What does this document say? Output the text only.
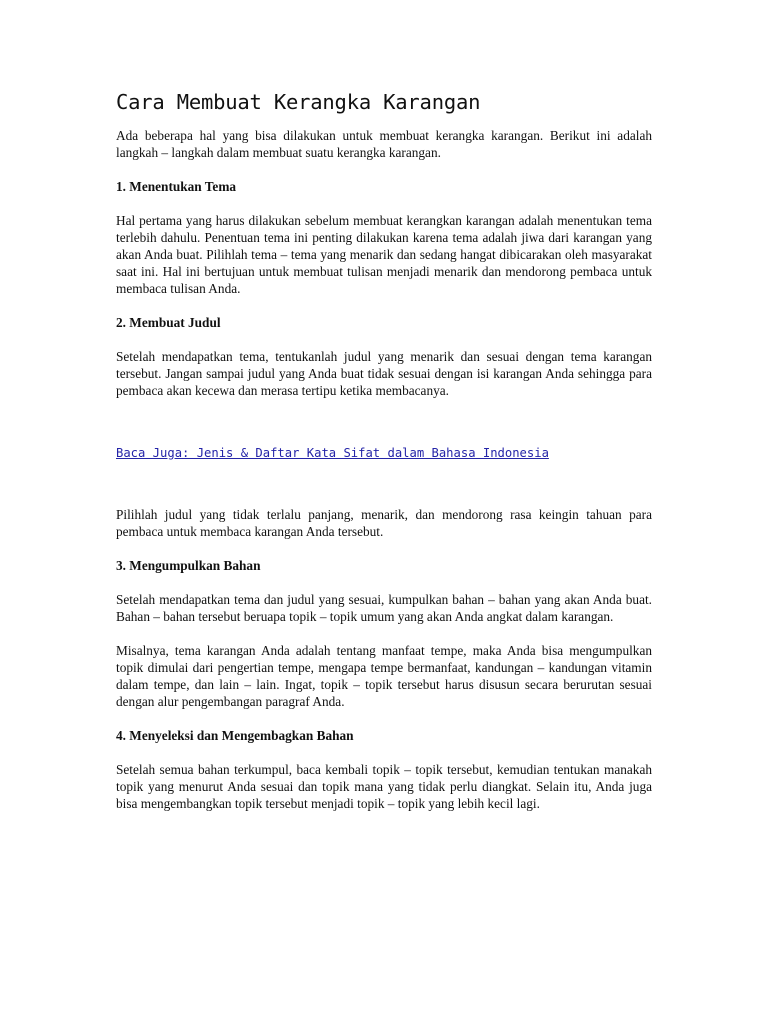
Cara Membuat Kerangka Karangan

Ada beberapa hal yang bisa dilakukan untuk membuat kerangka karangan. Berikut ini adalah langkah – langkah dalam membuat suatu kerangka karangan.

1. Menentukan Tema

Hal pertama yang harus dilakukan sebelum membuat kerangkan karangan adalah menentukan tema terlebih dahulu. Penentuan tema ini penting dilakukan karena tema adalah jiwa dari karangan yang akan Anda buat. Pilihlah tema – tema yang menarik dan sedang hangat dibicarakan oleh masyarakat saat ini. Hal ini bertujuan untuk membuat tulisan menjadi menarik dan mendorong pembaca untuk membaca tulisan Anda.

2. Membuat Judul

Setelah mendapatkan tema, tentukanlah judul yang menarik dan sesuai dengan tema karangan tersebut. Jangan sampai judul yang Anda buat tidak sesuai dengan isi karangan Anda sehingga para pembaca akan kecewa dan merasa tertipu ketika membacanya.

Baca Juga: Jenis & Daftar Kata Sifat dalam Bahasa Indonesia

Pilihlah judul yang tidak terlalu panjang, menarik, dan mendorong rasa keingin tahuan para pembaca untuk membaca karangan Anda tersebut.

3. Mengumpulkan Bahan

Setelah mendapatkan tema dan judul yang sesuai, kumpulkan bahan – bahan yang akan Anda buat. Bahan – bahan tersebut beruapa topik – topik umum yang akan Anda angkat dalam karangan.

Misalnya, tema karangan Anda adalah tentang manfaat tempe, maka Anda bisa mengumpulkan topik dimulai dari pengertian tempe, mengapa tempe bermanfaat, kandungan – kandungan vitamin dalam tempe, dan lain – lain. Ingat, topik – topik tersebut harus disusun secara berurutan sesuai dengan alur pengembangan paragraf Anda.

4. Menyeleksi dan Mengembagkan Bahan

Setelah semua bahan terkumpul, baca kembali topik – topik tersebut, kemudian tentukan manakah topik yang menurut Anda sesuai dan topik mana yang tidak perlu diangkat. Selain itu, Anda juga bisa mengembangkan topik tersebut menjadi topik – topik yang lebih kecil lagi.
